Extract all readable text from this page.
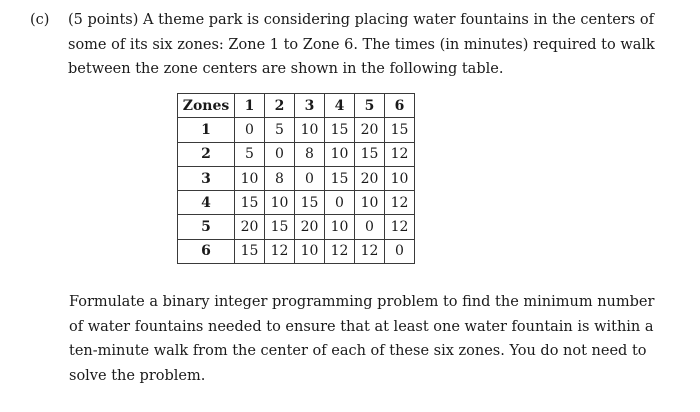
(c) (5 points) A theme park is considering placing water fountains in the centers of
some of its six zones: Zone 1 to Zone 6. The times (in minutes) required to walk
between the zone centers are shown in the following table.
Zones	1	2	3	4	5	6
1	0	5	10	15	20	15
2	5	0	8	10	15	12
3	10	8	0	15	20	10
4	15	10	15	0	10	12
5	20	15	20	10	0	12
6	15	12	10	12	12	0
Formulate a binary integer programming problem to find the minimum number
of water fountains needed to ensure that at least one water fountain is within a
ten-minute walk from the center of each of these six zones. You do not need to
solve the problem.
